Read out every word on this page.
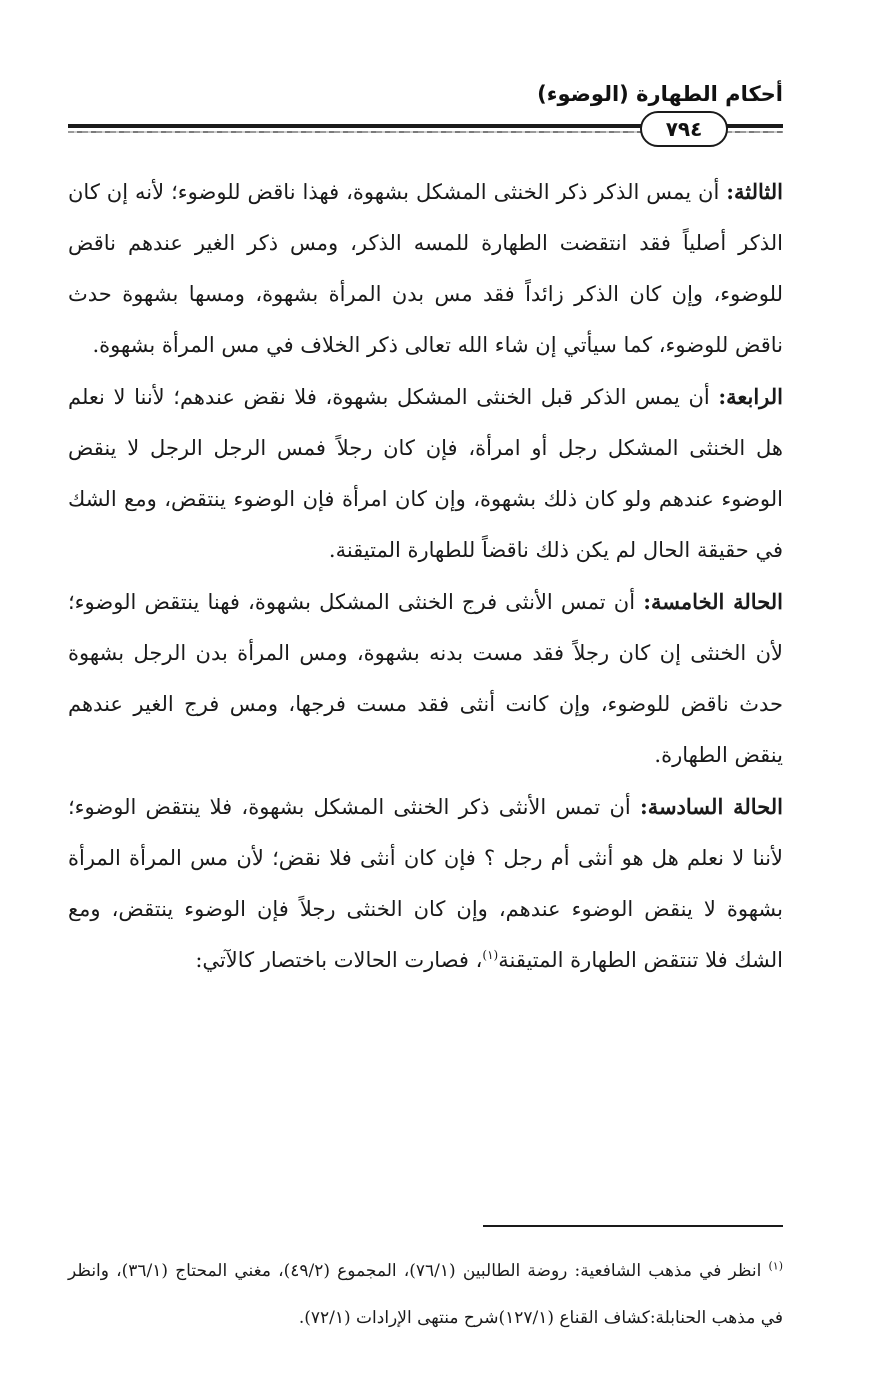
أحكام الطهارة (الوضوء)
٧٩٤

الثالثة: أن يمس الذكر ذكر الخنثى المشكل بشهوة، فهذا ناقض للوضوء؛ لأنه إن كان الذكر أصلياً فقد انتقضت الطهارة للمسه الذكر، ومس ذكر الغير عندهم ناقض للوضوء، وإن كان الذكر زائداً فقد مس بدن المرأة بشهوة، ومسها بشهوة حدث ناقض للوضوء، كما سيأتي إن شاء الله تعالى ذكر الخلاف في مس المرأة بشهوة.

الرابعة: أن يمس الذكر قبل الخنثى المشكل بشهوة، فلا نقض عندهم؛ لأننا لا نعلم هل الخنثى المشكل رجل أو امرأة، فإن كان رجلاً فمس الرجل الرجل لا ينقض الوضوء عندهم ولو كان ذلك بشهوة، وإن كان امرأة فإن الوضوء ينتقض، ومع الشك في حقيقة الحال لم يكن ذلك ناقضاً للطهارة المتيقنة.

الحالة الخامسة: أن تمس الأنثى فرج الخنثى المشكل بشهوة، فهنا ينتقض الوضوء؛ لأن الخنثى إن كان رجلاً فقد مست بدنه بشهوة، ومس المرأة بدن الرجل بشهوة حدث ناقض للوضوء، وإن كانت أنثى فقد مست فرجها، ومس فرج الغير عندهم ينقض الطهارة.

الحالة السادسة: أن تمس الأنثى ذكر الخنثى المشكل بشهوة، فلا ينتقض الوضوء؛ لأننا لا نعلم هل هو أنثى أم رجل ؟ فإن كان أنثى فلا نقض؛ لأن مس المرأة المرأة بشهوة لا ينقض الوضوء عندهم، وإن كان الخنثى رجلاً فإن الوضوء ينتقض، ومع الشك فلا تنتقض الطهارة المتيقنة$^{(١)}$، فصارت الحالات باختصار كالآتي:

$^{(١)}$ انظر في مذهب الشافعية: روضة الطالبين (٧٦/١)، المجموع (٤٩/٢)، مغني المحتاج (٣٦/١)، وانظر في مذهب الحنابلة:كشاف القناع (١٢٧/١)شرح منتهى الإرادات (٧٢/١).
